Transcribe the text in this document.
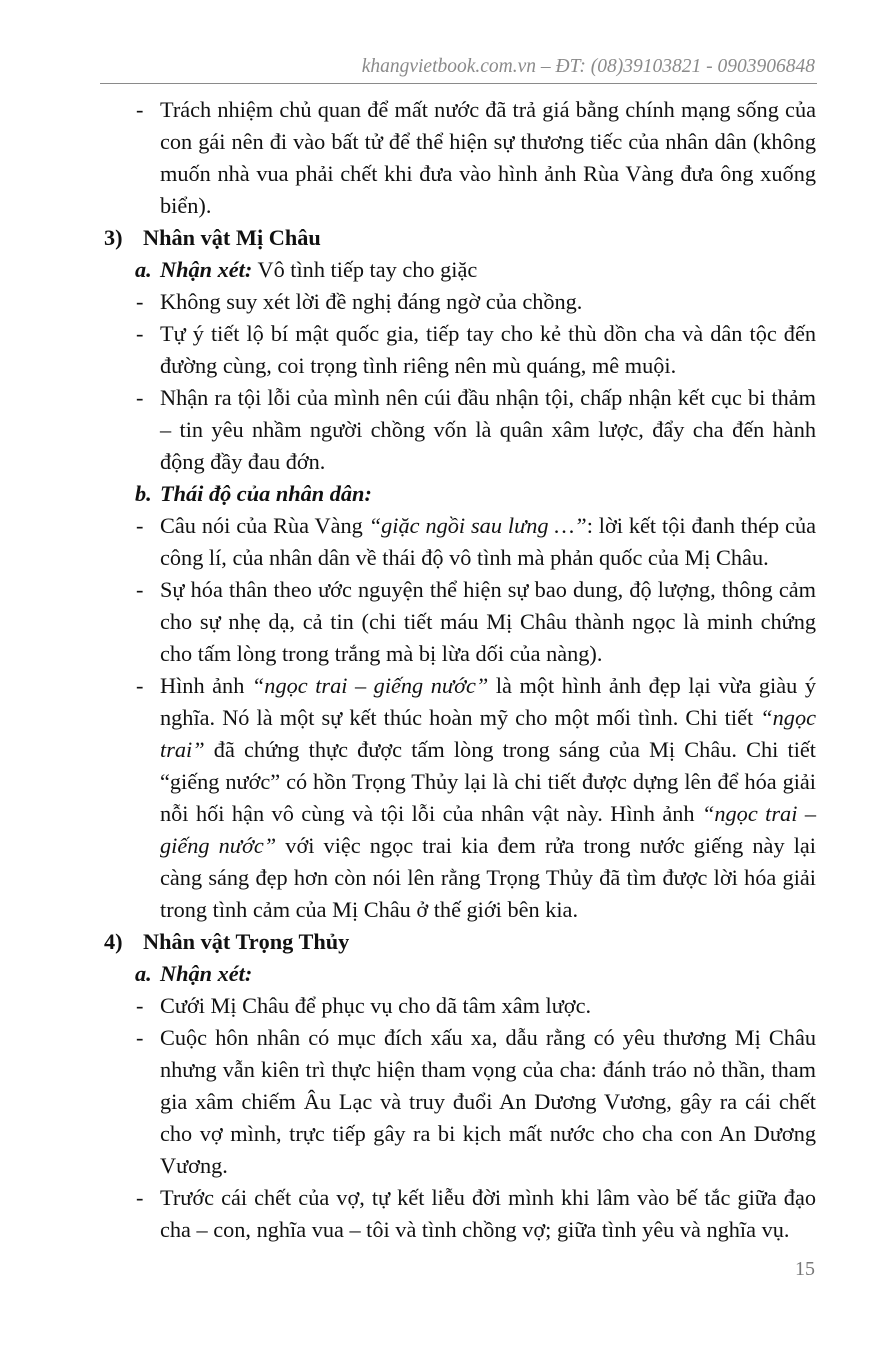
khangvietbook.com.vn – ĐT: (08)39103821 - 0903906848
- Trách nhiệm chủ quan để mất nước đã trả giá bằng chính mạng sống của con gái nên đi vào bất tử để thể hiện sự thương tiếc của nhân dân (không muốn nhà vua phải chết khi đưa vào hình ảnh Rùa Vàng đưa ông xuống biển).
3) Nhân vật Mị Châu
a. Nhận xét: Vô tình tiếp tay cho giặc
- Không suy xét lời đề nghị đáng ngờ của chồng.
- Tự ý tiết lộ bí mật quốc gia, tiếp tay cho kẻ thù dồn cha và dân tộc đến đường cùng, coi trọng tình riêng nên mù quáng, mê muội.
- Nhận ra tội lỗi của mình nên cúi đầu nhận tội, chấp nhận kết cục bi thảm – tin yêu nhầm người chồng vốn là quân xâm lược, đẩy cha đến hành động đầy đau đớn.
b. Thái độ của nhân dân:
- Câu nói của Rùa Vàng “giặc ngồi sau lưng …”: lời kết tội đanh thép của công lí, của nhân dân về thái độ vô tình mà phản quốc của Mị Châu.
- Sự hóa thân theo ước nguyện thể hiện sự bao dung, độ lượng, thông cảm cho sự nhẹ dạ, cả tin (chi tiết máu Mị Châu thành ngọc là minh chứng cho tấm lòng trong trắng mà bị lừa dối của nàng).
- Hình ảnh “ngọc trai – giếng nước” là một hình ảnh đẹp lại vừa giàu ý nghĩa. Nó là một sự kết thúc hoàn mỹ cho một mối tình. Chi tiết “ngọc trai” đã chứng thực được tấm lòng trong sáng của Mị Châu. Chi tiết “giếng nước” có hồn Trọng Thủy lại là chi tiết được dựng lên để hóa giải nỗi hối hận vô cùng và tội lỗi của nhân vật này. Hình ảnh “ngọc trai – giếng nước” với việc ngọc trai kia đem rửa trong nước giếng này lại càng sáng đẹp hơn còn nói lên rằng Trọng Thủy đã tìm được lời hóa giải trong tình cảm của Mị Châu ở thế giới bên kia.
4) Nhân vật Trọng Thủy
a. Nhận xét:
- Cưới Mị Châu để phục vụ cho dã tâm xâm lược.
- Cuộc hôn nhân có mục đích xấu xa, dẫu rằng có yêu thương Mị Châu nhưng vẫn kiên trì thực hiện tham vọng của cha: đánh tráo nỏ thần, tham gia xâm chiếm Âu Lạc và truy đuổi An Dương Vương, gây ra cái chết cho vợ mình, trực tiếp gây ra bi kịch mất nước cho cha con An Dương Vương.
- Trước cái chết của vợ, tự kết liễu đời mình khi lâm vào bế tắc giữa đạo cha – con, nghĩa vua – tôi và tình chồng vợ; giữa tình yêu và nghĩa vụ.
15
